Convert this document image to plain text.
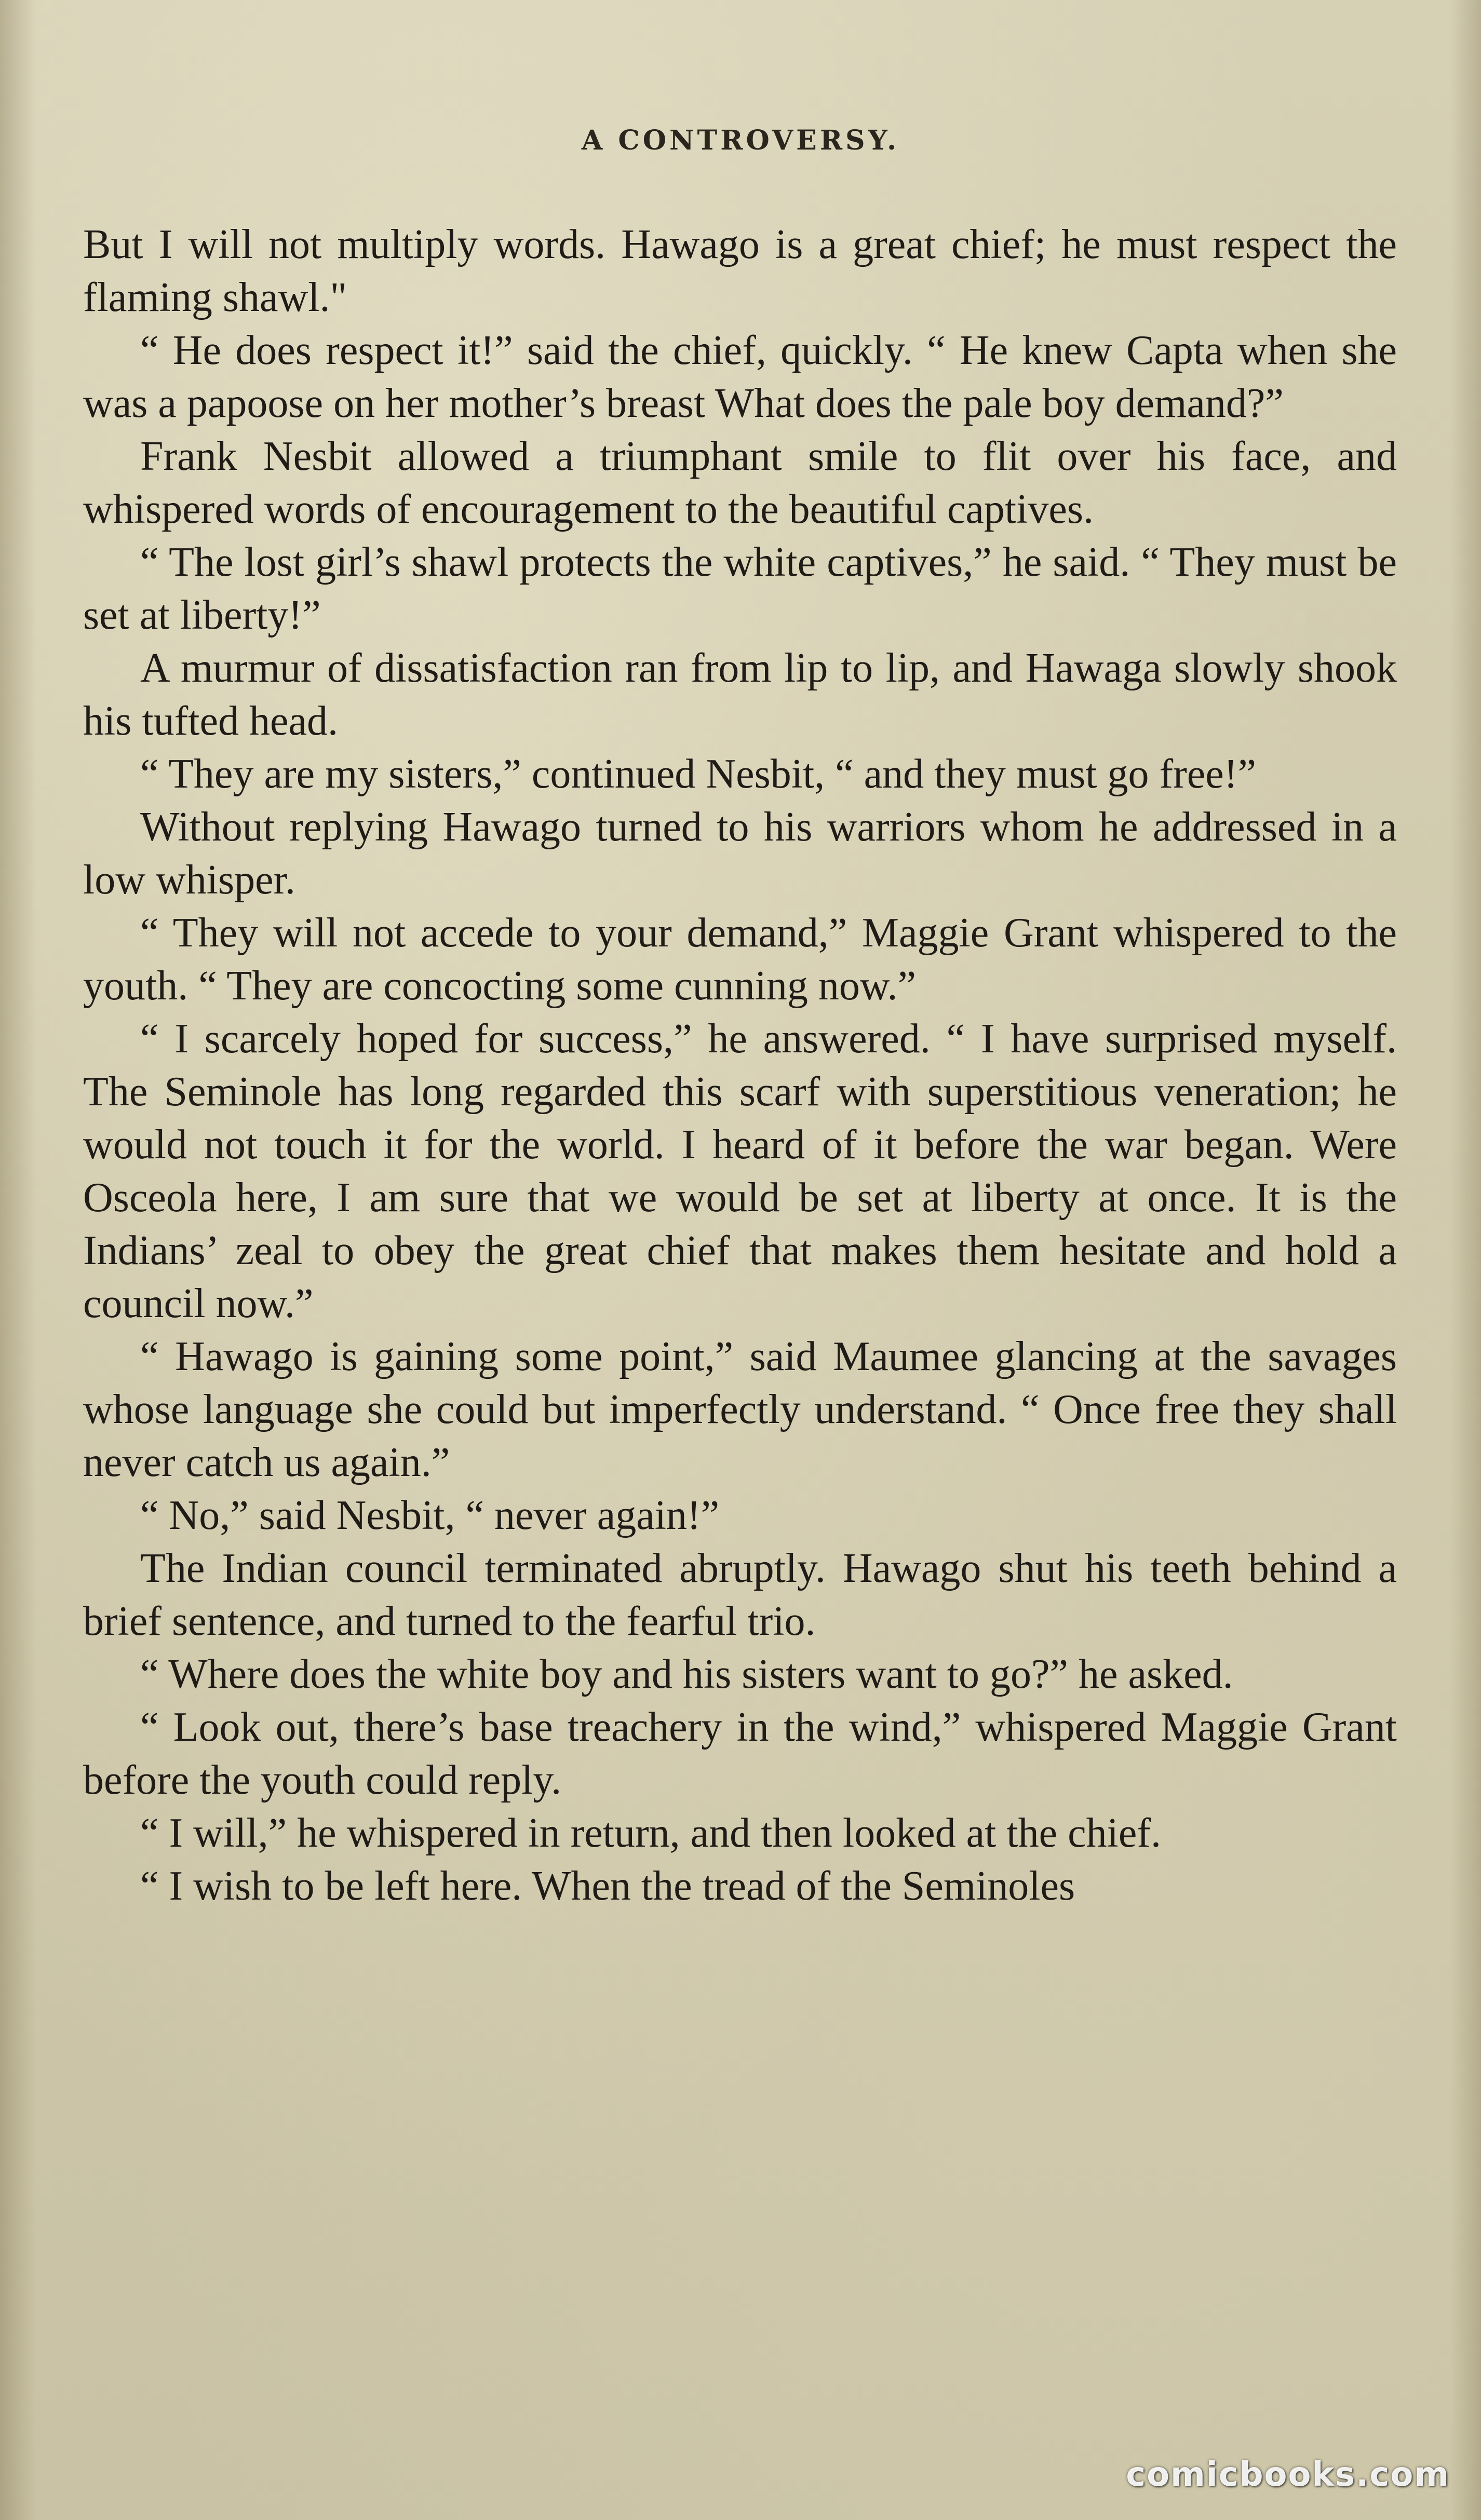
A CONTROVERSY.

But I will not multiply words. Hawago is a great chief; he must respect the flaming shawl."

“ He does respect it!” said the chief, quickly. “ He knew Capta when she was a papoose on her mother’s breast What does the pale boy demand?”

Frank Nesbit allowed a triumphant smile to flit over his face, and whispered words of encouragement to the beautiful captives.

“ The lost girl’s shawl protects the white captives,” he said. “ They must be set at liberty!”

A murmur of dissatisfaction ran from lip to lip, and Hawaga slowly shook his tufted head.

“ They are my sisters,” continued Nesbit, “ and they must go free!”

Without replying Hawago turned to his warriors whom he addressed in a low whisper.

“ They will not accede to your demand,” Maggie Grant whispered to the youth. “ They are concocting some cunning now.”

“ I scarcely hoped for success,” he answered. “ I have surprised myself. The Seminole has long regarded this scarf with superstitious veneration; he would not touch it for the world. I heard of it before the war began. Were Osceola here, I am sure that we would be set at liberty at once. It is the Indians’ zeal to obey the great chief that makes them hesitate and hold a council now.”

“ Hawago is gaining some point,” said Maumee glancing at the savages whose language she could but imperfectly understand. “ Once free they shall never catch us again.”

“ No,” said Nesbit, “ never again!”

The Indian council terminated abruptly. Hawago shut his teeth behind a brief sentence, and turned to the fearful trio.

“ Where does the white boy and his sisters want to go?” he asked.

“ Look out, there’s base treachery in the wind,” whispered Maggie Grant before the youth could reply.

“ I will,” he whispered in return, and then looked at the chief.

“ I wish to be left here. When the tread of the Seminoles

comicbooks.com
